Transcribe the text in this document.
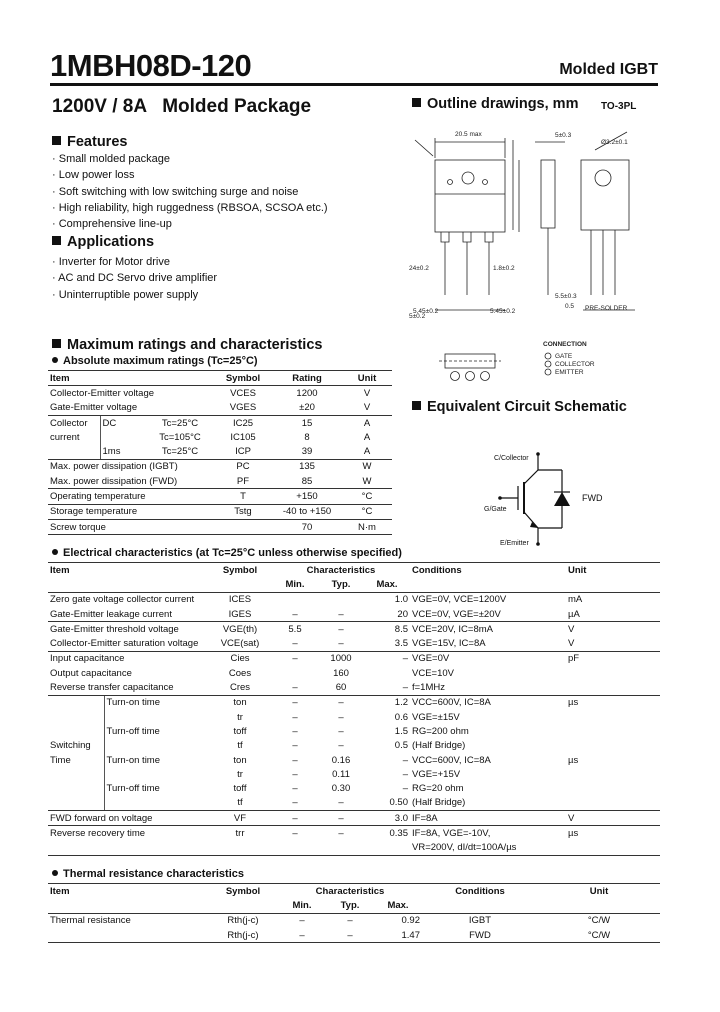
1MBH08D-120	Molded IGBT
1200V / 8A   Molded Package
Features
· Small molded package
· Low power loss
· Soft switching with low switching surge and noise
· High reliability, high ruggedness (RBSOA, SCSOA etc.)
· Comprehensive line-up
Applications
· Inverter for Motor drive
· AC and DC Servo drive amplifier
· Uninterruptible power supply
Outline drawings, mm TO-3PL
20.5 max	5±0.3
5±0.2
24±0.2	1.8±0.2
5.45±0.2	5.45±0.2
Ø3.2±0.1
5.5±0.3
0.5 PRE-SOLDER
CONNECTION
GATE
COLLECTOR
EMITTER
Equivalent Circuit Schematic
C/Collector
G/Gate
E/Emitter
FWD
Maximum ratings and characteristics
Absolute maximum ratings (Tc=25°C)
Item			Symbol	Rating	Unit
Collector-Emitter voltage			VCES	1200	V
Gate-Emitter voltage			VGES	±20	V
Collector	DC	Tc=25°C	IC25	15	A
current		Tc=105°C	IC105	8	A
	1ms	Tc=25°C	ICP	39	A
Max. power dissipation (IGBT)			PC	135	W
Max. power dissipation (FWD)			PF	85	W
Operating temperature			T	+150	°C
Storage temperature			Tstg	-40 to +150	°C
Screw torque				70	N·m
Electrical characteristics (at Tc=25°C unless otherwise specified)
Item		Symbol	Characteristics			Conditions	Unit
			Min.	Typ.	Max.		
Zero gate voltage collector current		ICES			1.0	VGE=0V, VCE=1200V	mA
Gate-Emitter leakage current		IGES	–	–	20	VCE=0V, VGE=±20V	µA
Gate-Emitter threshold voltage		VGE(th)	5.5	–	8.5	VCE=20V, IC=8mA	V
Collector-Emitter saturation voltage		VCE(sat)	–	–	3.5	VGE=15V, IC=8A	V
Input capacitance		Cies	–	1000	–	VGE=0V	pF
Output capacitance		Coes		160		VCE=10V	
Reverse transfer capacitance		Cres	–	60	–	f=1MHz	
	Turn-on time	ton	–	–	1.2	VCC=600V, IC=8A	µs
		tr	–	–	0.6	VGE=±15V	
	Turn-off time	toff	–	–	1.5	RG=200 ohm	
Switching		tf	–	–	0.5	(Half Bridge)	
Time	Turn-on time	ton	–	0.16	–	VCC=600V, IC=8A	µs
		tr	–	0.11	–	VGE=+15V	
	Turn-off time	toff	–	0.30	–	RG=20 ohm	
		tf	–	–	0.50	(Half Bridge)	
FWD forward on voltage		VF	–	–	3.0	IF=8A	V
Reverse recovery time		trr	–	–	0.35	IF=8A, VGE=-10V,	µs
						VR=200V, dI/dt=100A/µs	
Thermal resistance characteristics
Item	Symbol	Characteristics			Conditions	Unit
		Min.	Typ.	Max.		
Thermal resistance	Rth(j-c)	–	–	0.92	IGBT	°C/W
	Rth(j-c)	–	–	1.47	FWD	°C/W
